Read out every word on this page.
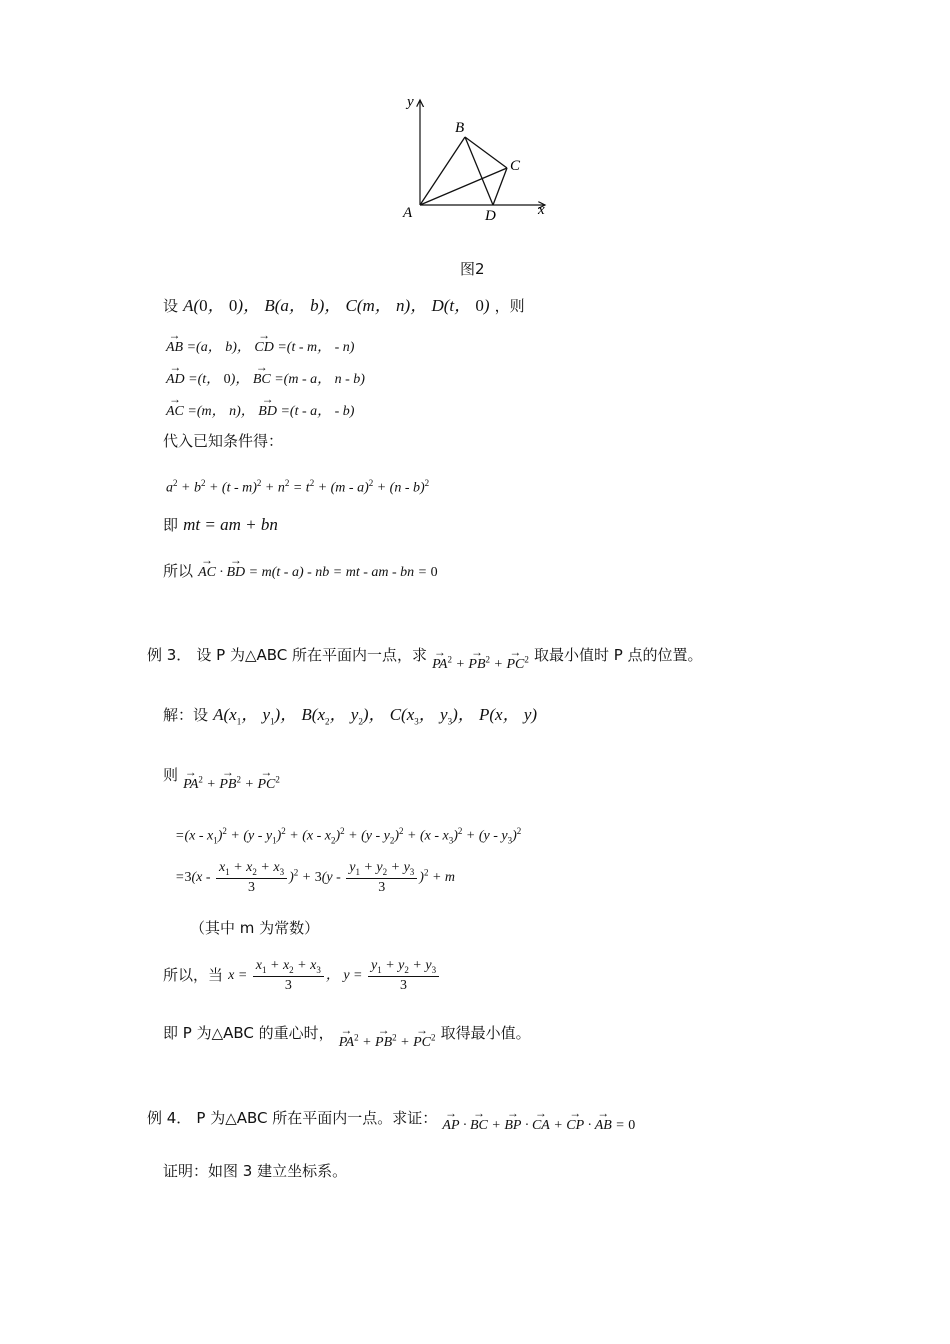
y
x
A
B
C
D
图2
设 A(0， 0)， B(a， b)， C(m， n)， D(t， 0) ，则
→ AB =(a， b)， → CD =(t - m， - n)
→ AD =(t， 0)， → BC =(m - a， n - b)
→ AC =(m， n)， → BD =(t - a， - b)
代入已知条件得：
$a^2 + b^2 + (t - m)^2 + n^2 = t^2 + (m - a)^2 + (n - b)^2$
即 mt = am + bn
所以 → AC · → BD = m(t - a) - nb = mt - am - bn = 0
例 3． 设 P 为△ABC 所在平面内一点，求 → $PA^2$ + → $PB^2$ + → $PC^2$ 取最小值时 P 点的位置。
解：设 $A(x_1$， $y_1$)， $B(x_2$， $y_2$)， $C(x_3$， $y_3$)， P(x， y)
则 → $PA^2$ + → $PB^2$ + → $PC^2$
$=(x - x_1)^2 + (y - y_1)^2 + (x - x_2)^2 + (y - y_2)^2 + (x - x_3)^2 + (y - y_3)^2$
$=3(x - \frac{x_1 + x_2 + x_3}{3} )^2 + 3(y - \frac{y_1 + y_2 + y_3}{3} )^2 + m$
（其中 m 为常数）
所以，当 $x = \frac{x_1 + x_2 + x_3}{3}$ ， $y = \frac{y_1 + y_2 + y_3}{3}$
即 P 为△ABC 的重心时， → $PA^2$ + → $PB^2$ + → $PC^2$ 取得最小值。
例 4． P 为△ABC 所在平面内一点。求证： → AP · → BC + → BP · → CA + → CP · → AB = 0
证明：如图 3 建立坐标系。
